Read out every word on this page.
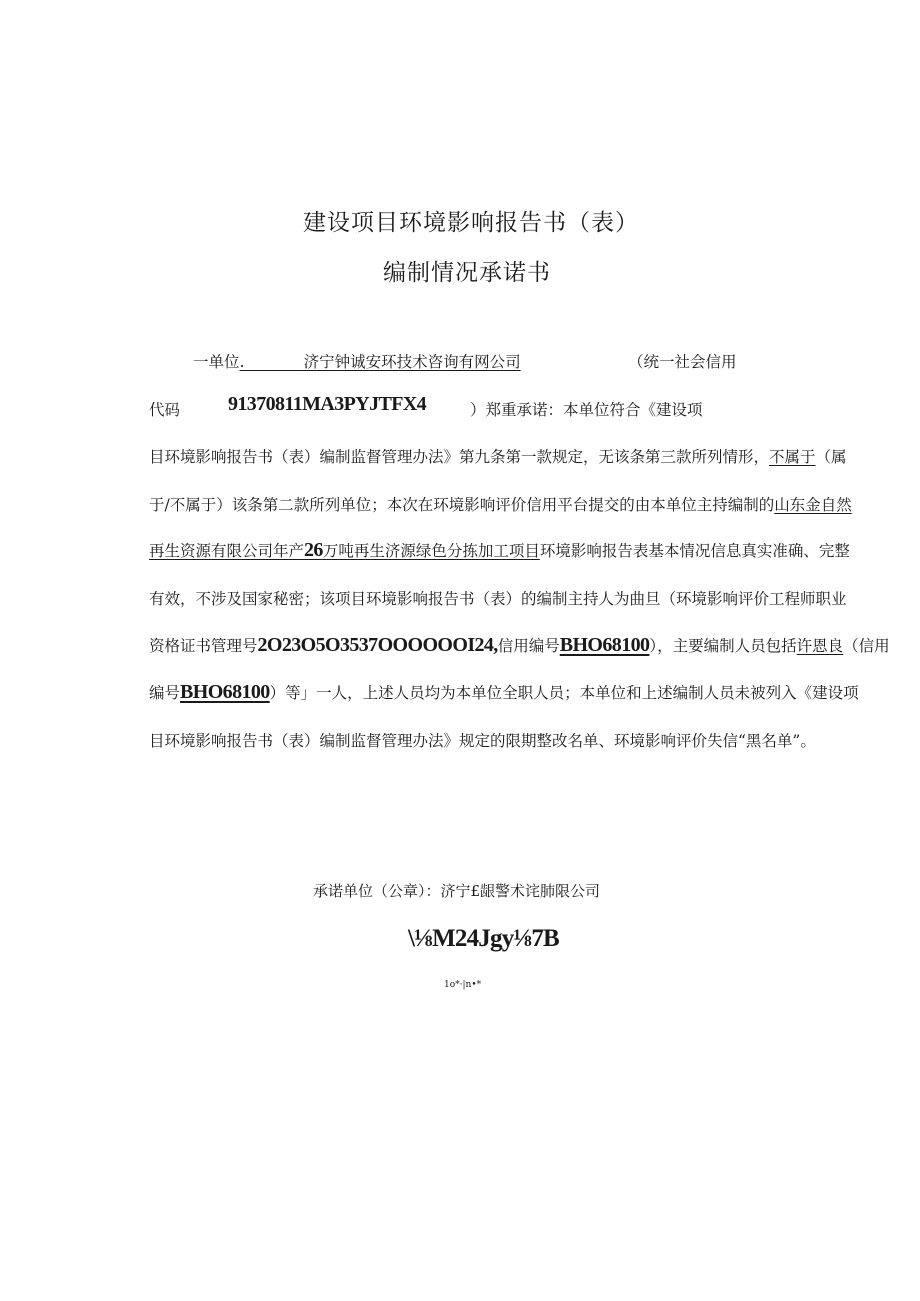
建设项目环境影响报告书（表）
编制情况承诺书
一单位.            济宁钟诚安环技术咨询有网公司	（统一社会信用
代码 91370811MA3PYJTFX4	）郑重承诺：本单位符合《建设项
目环境影响报告书（表）编制监督管理办法》第九条第一款规定，无该条第三款所列情形，不属于（属
于/不属于）该条第二款所列单位；本次在环境影响评价信用平台提交的由本单位主持编制的山东金自然
再生资源有限公司年产26万吨再生济源绿色分拣加工项目环境影响报告表基本情况信息真实准确、完整
有效，不涉及国家秘密；该项目环境影响报告书（表）的编制主持人为曲旦（环境影响评价工程师职业
资格证书管理号2O23O5O3537OOOOOOI24,信用编号BHO68100），主要编制人员包括许恩良（信用
编号BHO68100）等」一人，上述人员均为本单位全职人员；本单位和上述编制人员未被列入《建设项
目环境影响报告书（表）编制监督管理办法》规定的限期整改名单、环境影响评价失信“黑名单”。
承诺单位（公章）：济宁£龈警术诧肺限公司
\⅛M24Jgy⅛7B
1o*·|n•*
